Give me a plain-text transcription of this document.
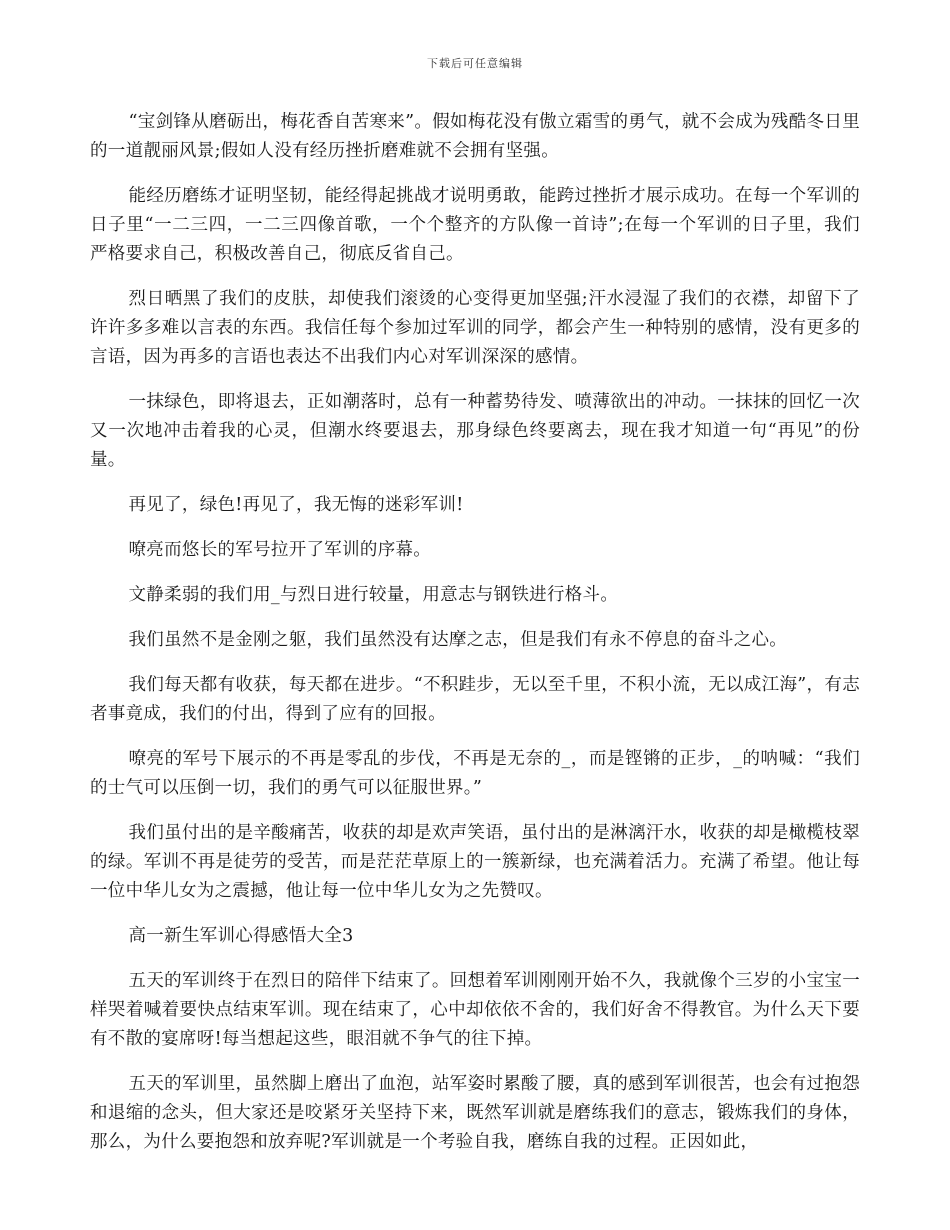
下载后可任意编辑

“宝剑锋从磨砺出，梅花香自苦寒来”。假如梅花没有傲立霜雪的勇气，就不会成为残酷冬日里的一道靓丽风景;假如人没有经历挫折磨难就不会拥有坚强。

能经历磨练才证明坚韧，能经得起挑战才说明勇敢，能跨过挫折才展示成功。在每一个军训的日子里“一二三四，一二三四像首歌，一个个整齐的方队像一首诗”;在每一个军训的日子里，我们严格要求自己，积极改善自己，彻底反省自己。

烈日晒黑了我们的皮肤，却使我们滚烫的心变得更加坚强;汗水浸湿了我们的衣襟，却留下了许许多多难以言表的东西。我信任每个参加过军训的同学，都会产生一种特别的感情，没有更多的言语，因为再多的言语也表达不出我们内心对军训深深的感情。

一抹绿色，即将退去，正如潮落时，总有一种蓄势待发、喷薄欲出的冲动。一抹抹的回忆一次又一次地冲击着我的心灵，但潮水终要退去，那身绿色终要离去，现在我才知道一句“再见”的份量。

再见了，绿色!再见了，我无悔的迷彩军训!

嘹亮而悠长的军号拉开了军训的序幕。

文静柔弱的我们用_与烈日进行较量，用意志与钢铁进行格斗。

我们虽然不是金刚之躯，我们虽然没有达摩之志，但是我们有永不停息的奋斗之心。

我们每天都有收获，每天都在进步。“不积跬步，无以至千里，不积小流，无以成江海”，有志者事竟成，我们的付出，得到了应有的回报。

嘹亮的军号下展示的不再是零乱的步伐，不再是无奈的_，而是铿锵的正步，_的呐喊：“我们的士气可以压倒一切，我们的勇气可以征服世界。”

我们虽付出的是辛酸痛苦，收获的却是欢声笑语，虽付出的是淋漓汗水，收获的却是橄榄枝翠的绿。军训不再是徒劳的受苦，而是茫茫草原上的一簇新绿，也充满着活力。充满了希望。他让每一位中华儿女为之震撼，他让每一位中华儿女为之先赞叹。

高一新生军训心得感悟大全3

五天的军训终于在烈日的陪伴下结束了。回想着军训刚刚开始不久，我就像个三岁的小宝宝一样哭着喊着要快点结束军训。现在结束了，心中却依依不舍的，我们好舍不得教官。为什么天下要有不散的宴席呀!每当想起这些，眼泪就不争气的往下掉。

五天的军训里，虽然脚上磨出了血泡，站军姿时累酸了腰，真的感到军训很苦，也会有过抱怨和退缩的念头，但大家还是咬紧牙关坚持下来，既然军训就是磨练我们的意志，锻炼我们的身体，那么，为什么要抱怨和放弃呢?军训就是一个考验自我，磨练自我的过程。正因如此，
